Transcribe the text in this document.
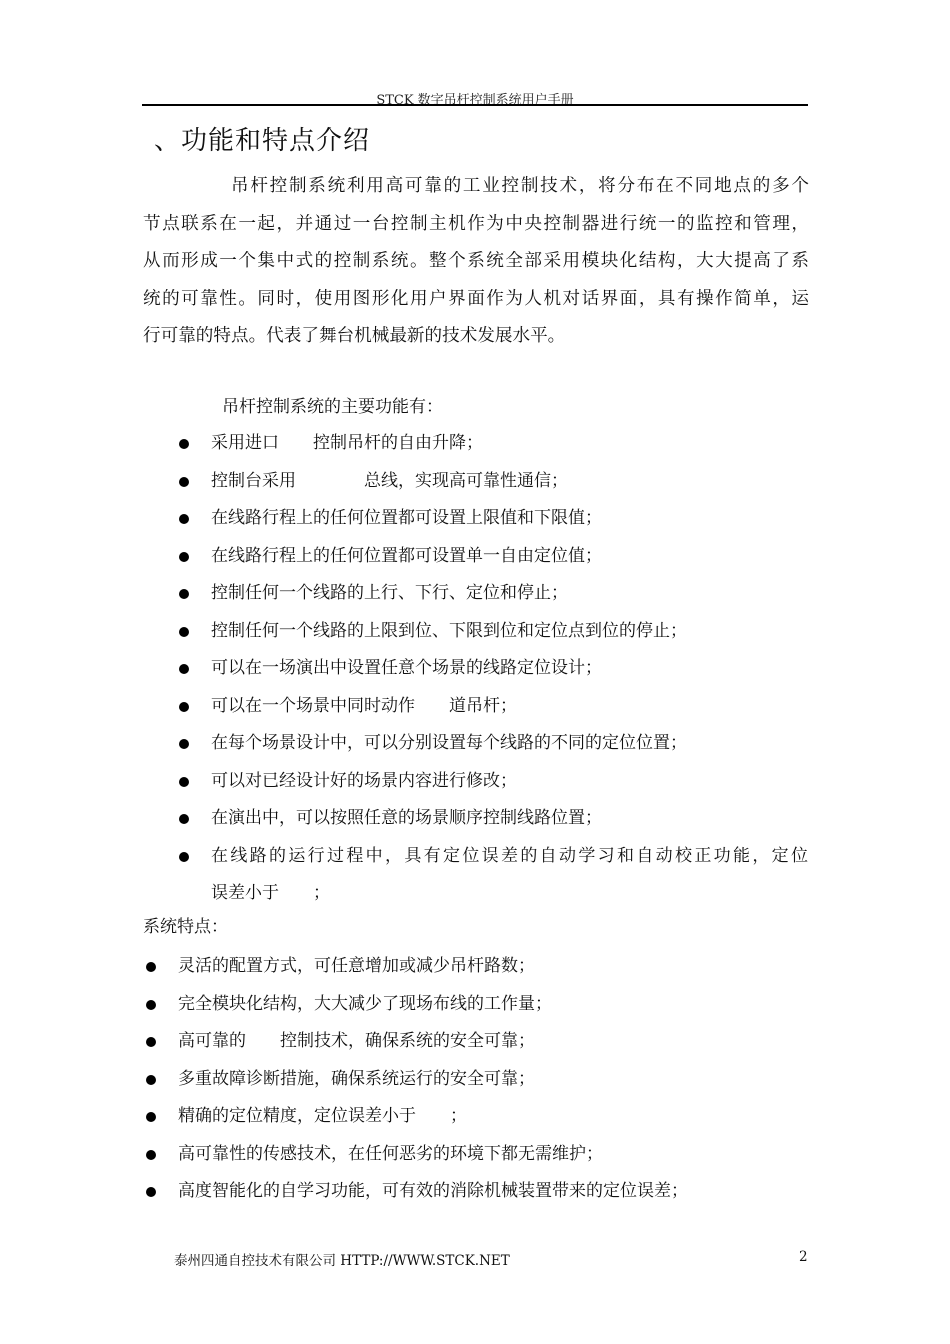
STCK 数字吊杆控制系统用户手册
、功能和特点介绍
吊杆控制系统利用高可靠的工业控制技术，将分布在不同地点的多个
节点联系在一起，并通过一台控制主机作为中央控制器进行统一的监控和管理，
从而形成一个集中式的控制系统。整个系统全部采用模块化结构，大大提高了系
统的可靠性。同时，使用图形化用户界面作为人机对话界面，具有操作简单，运
行可靠的特点。代表了舞台机械最新的技术发展水平。
吊杆控制系统的主要功能有：
采用进口　　控制吊杆的自由升降；
控制台采用　　　　总线，实现高可靠性通信；
在线路行程上的任何位置都可设置上限值和下限值；
在线路行程上的任何位置都可设置单一自由定位值；
控制任何一个线路的上行、下行、定位和停止；
控制任何一个线路的上限到位、下限到位和定位点到位的停止；
可以在一场演出中设置任意个场景的线路定位设计；
可以在一个场景中同时动作　　道吊杆；
在每个场景设计中，可以分别设置每个线路的不同的定位位置；
可以对已经设计好的场景内容进行修改；
在演出中，可以按照任意的场景顺序控制线路位置；
在线路的运行过程中，具有定位误差的自动学习和自动校正功能，定位
误差小于　　；
系统特点：
灵活的配置方式，可任意增加或减少吊杆路数；
完全模块化结构，大大减少了现场布线的工作量；
高可靠的　　控制技术，确保系统的安全可靠；
多重故障诊断措施，确保系统运行的安全可靠；
精确的定位精度，定位误差小于　　；
高可靠性的传感技术，在任何恶劣的环境下都无需维护；
高度智能化的自学习功能，可有效的消除机械装置带来的定位误差；
泰州四通自控技术有限公司 HTTP://WWW.STCK.NET	2
